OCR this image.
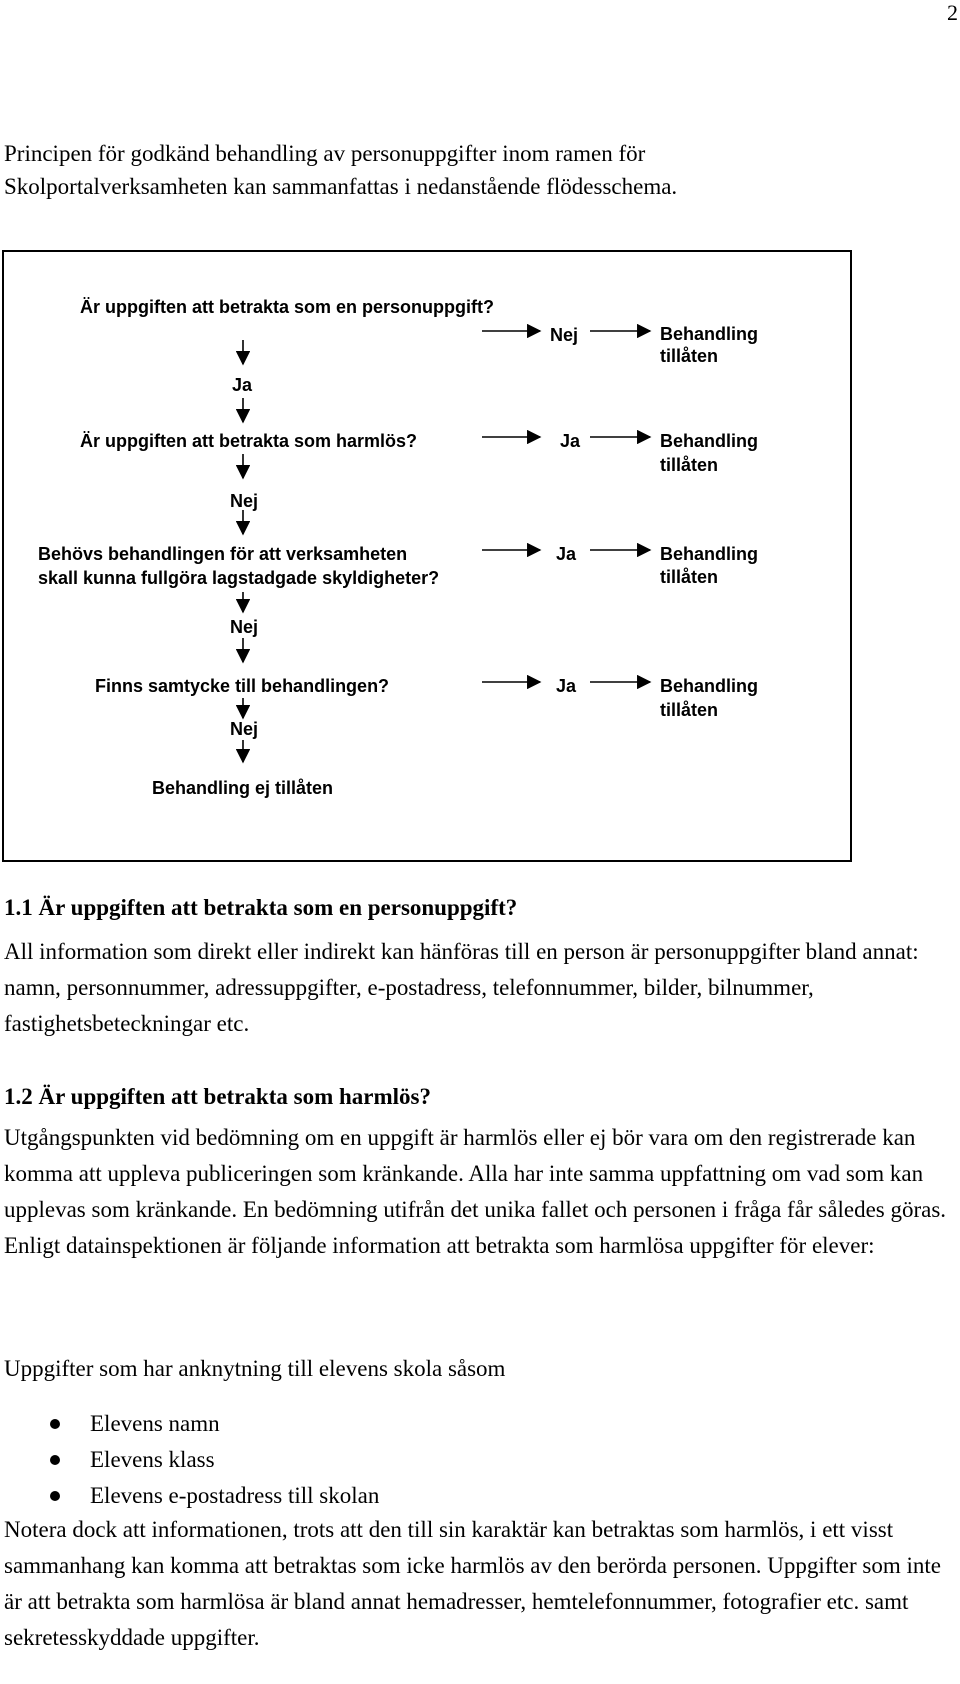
2
Principen för godkänd behandling av personuppgifter inom ramen för
Skolportalverksamheten kan sammanfattas i nedanstående flödesschema.
Är uppgiften att betrakta som en personuppgift?
Nej	Behandling
tillåten
Ja
Är uppgiften att betrakta som harmlös?	Ja	Behandling
tillåten
Nej
Behövs behandlingen för att verksamheten
skall kunna fullgöra lagstadgade skyldigheter?
Ja	Behandling
tillåten
Nej
Finns samtycke till behandlingen?	Ja	Behandling
tillåten
Nej
Behandling ej tillåten
1.1 Är uppgiften att betrakta som en personuppgift?
All information som direkt eller indirekt kan hänföras till en person är personuppgifter bland annat: namn, personnummer, adressuppgifter, e-postadress, telefonnummer, bilder, bilnummer, fastighetsbeteckningar etc.
1.2 Är uppgiften att betrakta som harmlös?
Utgångspunkten vid bedömning om en uppgift är harmlös eller ej bör vara om den registrerade kan komma att uppleva publiceringen som kränkande. Alla har inte samma uppfattning om vad som kan upplevas som kränkande. En bedömning utifrån det unika fallet och personen i fråga får således göras. Enligt datainspektionen är följande information att betrakta som harmlösa uppgifter för elever:
Uppgifter som har anknytning till elevens skola såsom
Elevens namn
Elevens klass
Elevens e-postadress till skolan
Notera dock att informationen, trots att den till sin karaktär kan betraktas som harmlös, i ett visst sammanhang kan komma att betraktas som icke harmlös av den berörda personen. Uppgifter som inte är att betrakta som harmlösa är bland annat hemadresser, hemtelefonnummer, fotografier etc. samt sekretesskyddade uppgifter.
